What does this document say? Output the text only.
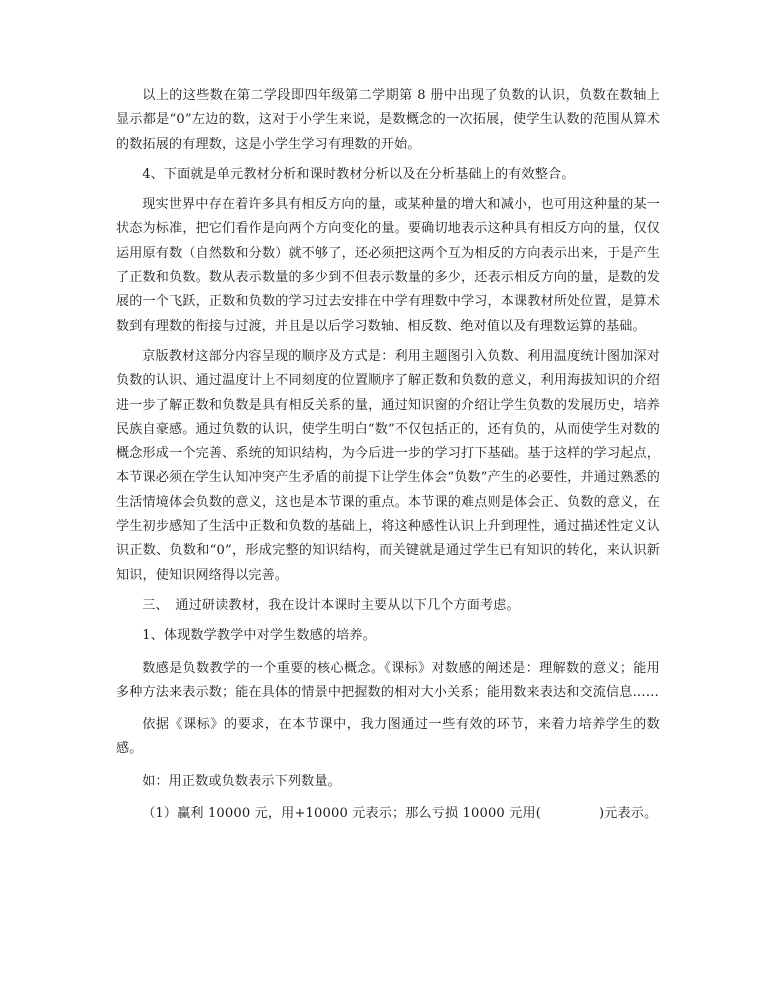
以上的这些数在第二学段即四年级第二学期第 8 册中出现了负数的认识，负数在数轴上显示都是“0”左边的数，这对于小学生来说，是数概念的一次拓展，使学生认数的范围从算术的数拓展的有理数，这是小学生学习有理数的开始。

4、下面就是单元教材分析和课时教材分析以及在分析基础上的有效整合。

现实世界中存在着许多具有相反方向的量，或某种量的增大和减小，也可用这种量的某一状态为标准，把它们看作是向两个方向变化的量。要确切地表示这种具有相反方向的量，仅仅运用原有数（自然数和分数）就不够了，还必须把这两个互为相反的方向表示出来，于是产生了正数和负数。数从表示数量的多少到不但表示数量的多少，还表示相反方向的量，是数的发展的一个飞跃，正数和负数的学习过去安排在中学有理数中学习，本课教材所处位置，是算术数到有理数的衔接与过渡，并且是以后学习数轴、相反数、绝对值以及有理数运算的基础。

京版教材这部分内容呈现的顺序及方式是：利用主题图引入负数、利用温度统计图加深对负数的认识、通过温度计上不同刻度的位置顺序了解正数和负数的意义，利用海拔知识的介绍进一步了解正数和负数是具有相反关系的量，通过知识窗的介绍让学生负数的发展历史，培养民族自豪感。通过负数的认识，使学生明白“数”不仅包括正的，还有负的，从而使学生对数的概念形成一个完善、系统的知识结构，为今后进一步的学习打下基础。基于这样的学习起点，本节课必须在学生认知冲突产生矛盾的前提下让学生体会“负数”产生的必要性，并通过熟悉的生活情境体会负数的意义，这也是本节课的重点。本节课的难点则是体会正、负数的意义，在学生初步感知了生活中正数和负数的基础上，将这种感性认识上升到理性，通过描述性定义认识正数、负数和“0”，形成完整的知识结构，而关键就是通过学生已有知识的转化，来认识新知识，使知识网络得以完善。

三、　通过研读教材，我在设计本课时主要从以下几个方面考虑。

1、体现数学教学中对学生数感的培养。

数感是负数教学的一个重要的核心概念。《课标》对数感的阐述是：理解数的意义；能用多种方法来表示数；能在具体的情景中把握数的相对大小关系；能用数来表达和交流信息……

依据《课标》的要求，在本节课中，我力图通过一些有效的环节，来着力培养学生的数感。

如：用正数或负数表示下列数量。

（1）赢利 10000 元，用+10000 元表示；那么亏损 10000 元用(	)元表示。
